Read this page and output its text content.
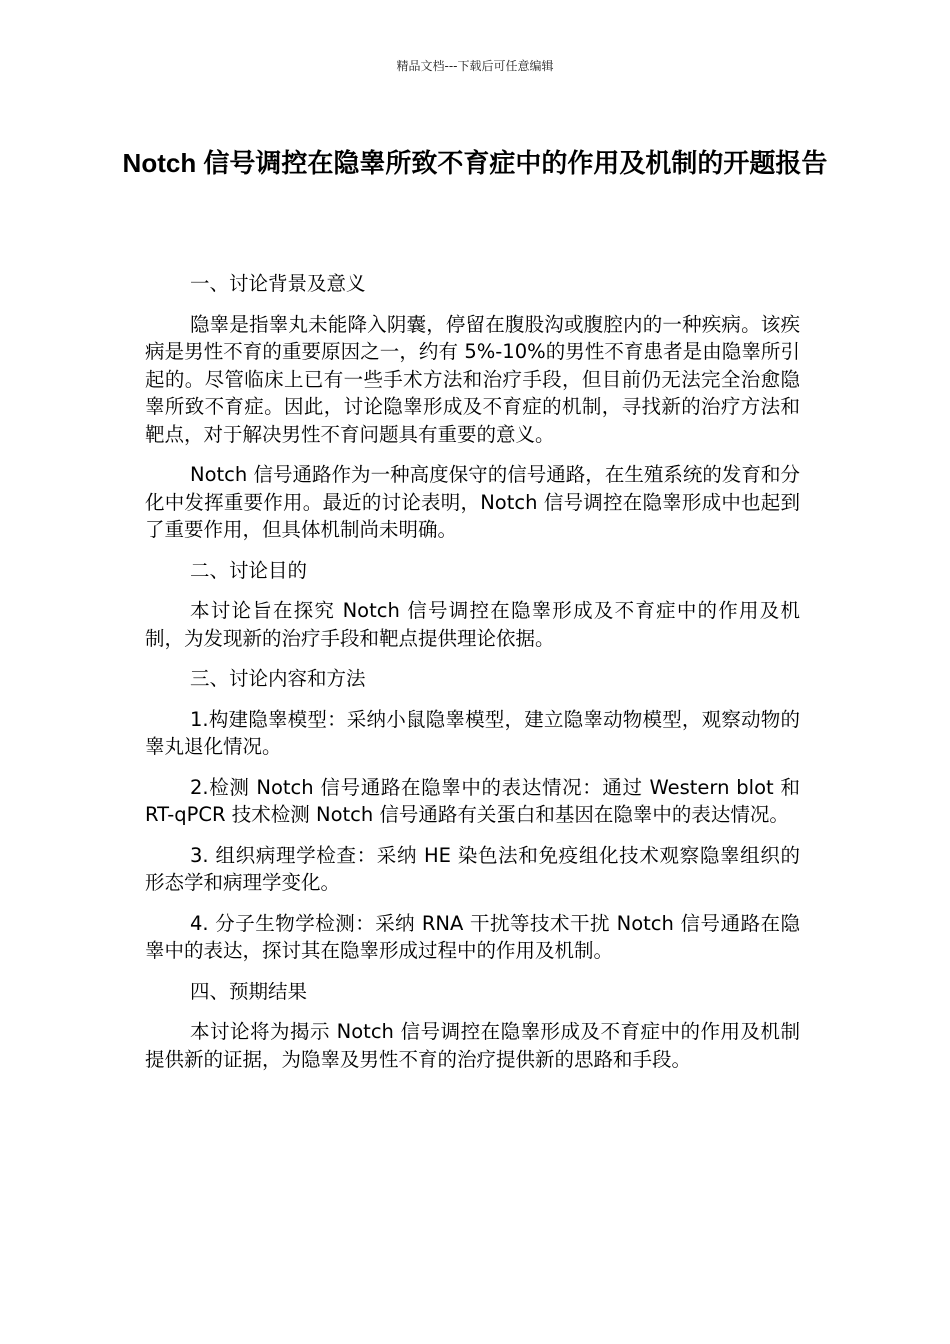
精品文档---下载后可任意编辑
Notch 信号调控在隐睾所致不育症中的作用及机制的开题报告
一、讨论背景及意义

隐睾是指睾丸未能降入阴囊，停留在腹股沟或腹腔内的一种疾病。该疾病是男性不育的重要原因之一，约有 5%-10%的男性不育患者是由隐睾所引起的。尽管临床上已有一些手术方法和治疗手段，但目前仍无法完全治愈隐睾所致不育症。因此，讨论隐睾形成及不育症的机制，寻找新的治疗方法和靶点，对于解决男性不育问题具有重要的意义。

Notch 信号通路作为一种高度保守的信号通路，在生殖系统的发育和分化中发挥重要作用。最近的讨论表明，Notch 信号调控在隐睾形成中也起到了重要作用，但具体机制尚未明确。

二、讨论目的

本讨论旨在探究 Notch 信号调控在隐睾形成及不育症中的作用及机制，为发现新的治疗手段和靶点提供理论依据。

三、讨论内容和方法

1.构建隐睾模型：采纳小鼠隐睾模型，建立隐睾动物模型，观察动物的睾丸退化情况。

2.检测 Notch 信号通路在隐睾中的表达情况：通过 Western blot 和 RT-qPCR 技术检测 Notch 信号通路有关蛋白和基因在隐睾中的表达情况。

3. 组织病理学检查：采纳 HE 染色法和免疫组化技术观察隐睾组织的形态学和病理学变化。

4. 分子生物学检测：采纳 RNA 干扰等技术干扰 Notch 信号通路在隐睾中的表达，探讨其在隐睾形成过程中的作用及机制。

四、预期结果

本讨论将为揭示 Notch 信号调控在隐睾形成及不育症中的作用及机制提供新的证据，为隐睾及男性不育的治疗提供新的思路和手段。
